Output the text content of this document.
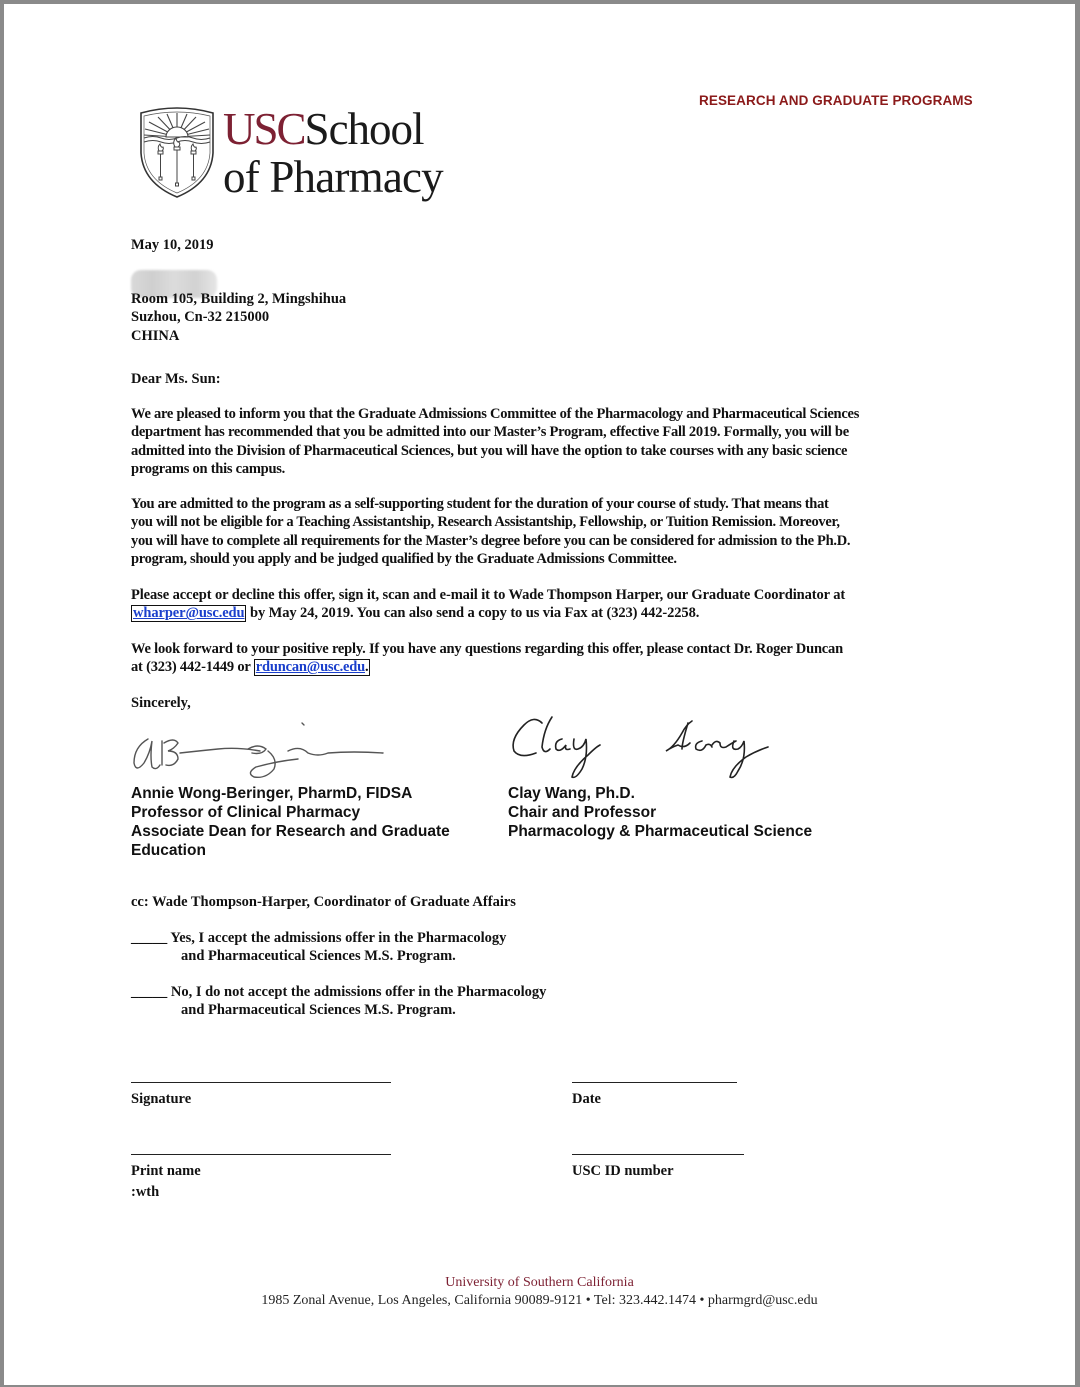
RESEARCH AND GRADUATE PROGRAMS
USCSchool
of Pharmacy
May 10, 2019
Room 105, Building 2, Mingshihua
Suzhou, Cn-32 215000
CHINA
Dear Ms. Sun:
We are pleased to inform you that the Graduate Admissions Committee of the Pharmacology and Pharmaceutical Sciences
department has recommended that you be admitted into our Master’s Program, effective Fall 2019. Formally, you will be
admitted into the Division of Pharmaceutical Sciences, but you will have the option to take courses with any basic science
programs on this campus.
You are admitted to the program as a self-supporting student for the duration of your course of study. That means that
you will not be eligible for a Teaching Assistantship, Research Assistantship, Fellowship, or Tuition Remission. Moreover,
you will have to complete all requirements for the Master’s degree before you can be considered for admission to the Ph.D.
program, should you apply and be judged qualified by the Graduate Admissions Committee.
Please accept or decline this offer, sign it, scan and e-mail it to Wade Thompson Harper, our Graduate Coordinator at
wharper@usc.edu by May 24, 2019. You can also send a copy to us via Fax at (323) 442-2258.
We look forward to your positive reply. If you have any questions regarding this offer, please contact Dr. Roger Duncan
at (323) 442-1449 or rduncan@usc.edu.
Sincerely,
Annie Wong-Beringer, PharmD, FIDSA
Professor of Clinical Pharmacy
Associate Dean for Research and Graduate
Education
Clay Wang, Ph.D.
Chair and Professor
Pharmacology & Pharmaceutical Science
cc: Wade Thompson-Harper, Coordinator of Graduate Affairs
_____ Yes, I accept the admissions offer in the Pharmacology
and Pharmaceutical Sciences M.S. Program.
_____ No, I do not accept the admissions offer in the Pharmacology
and Pharmaceutical Sciences M.S. Program.
Signature	Date
Print name	USC ID number
:wth
University of Southern California
1985 Zonal Avenue, Los Angeles, California 90089-9121 • Tel: 323.442.1474 • pharmgrd@usc.edu
